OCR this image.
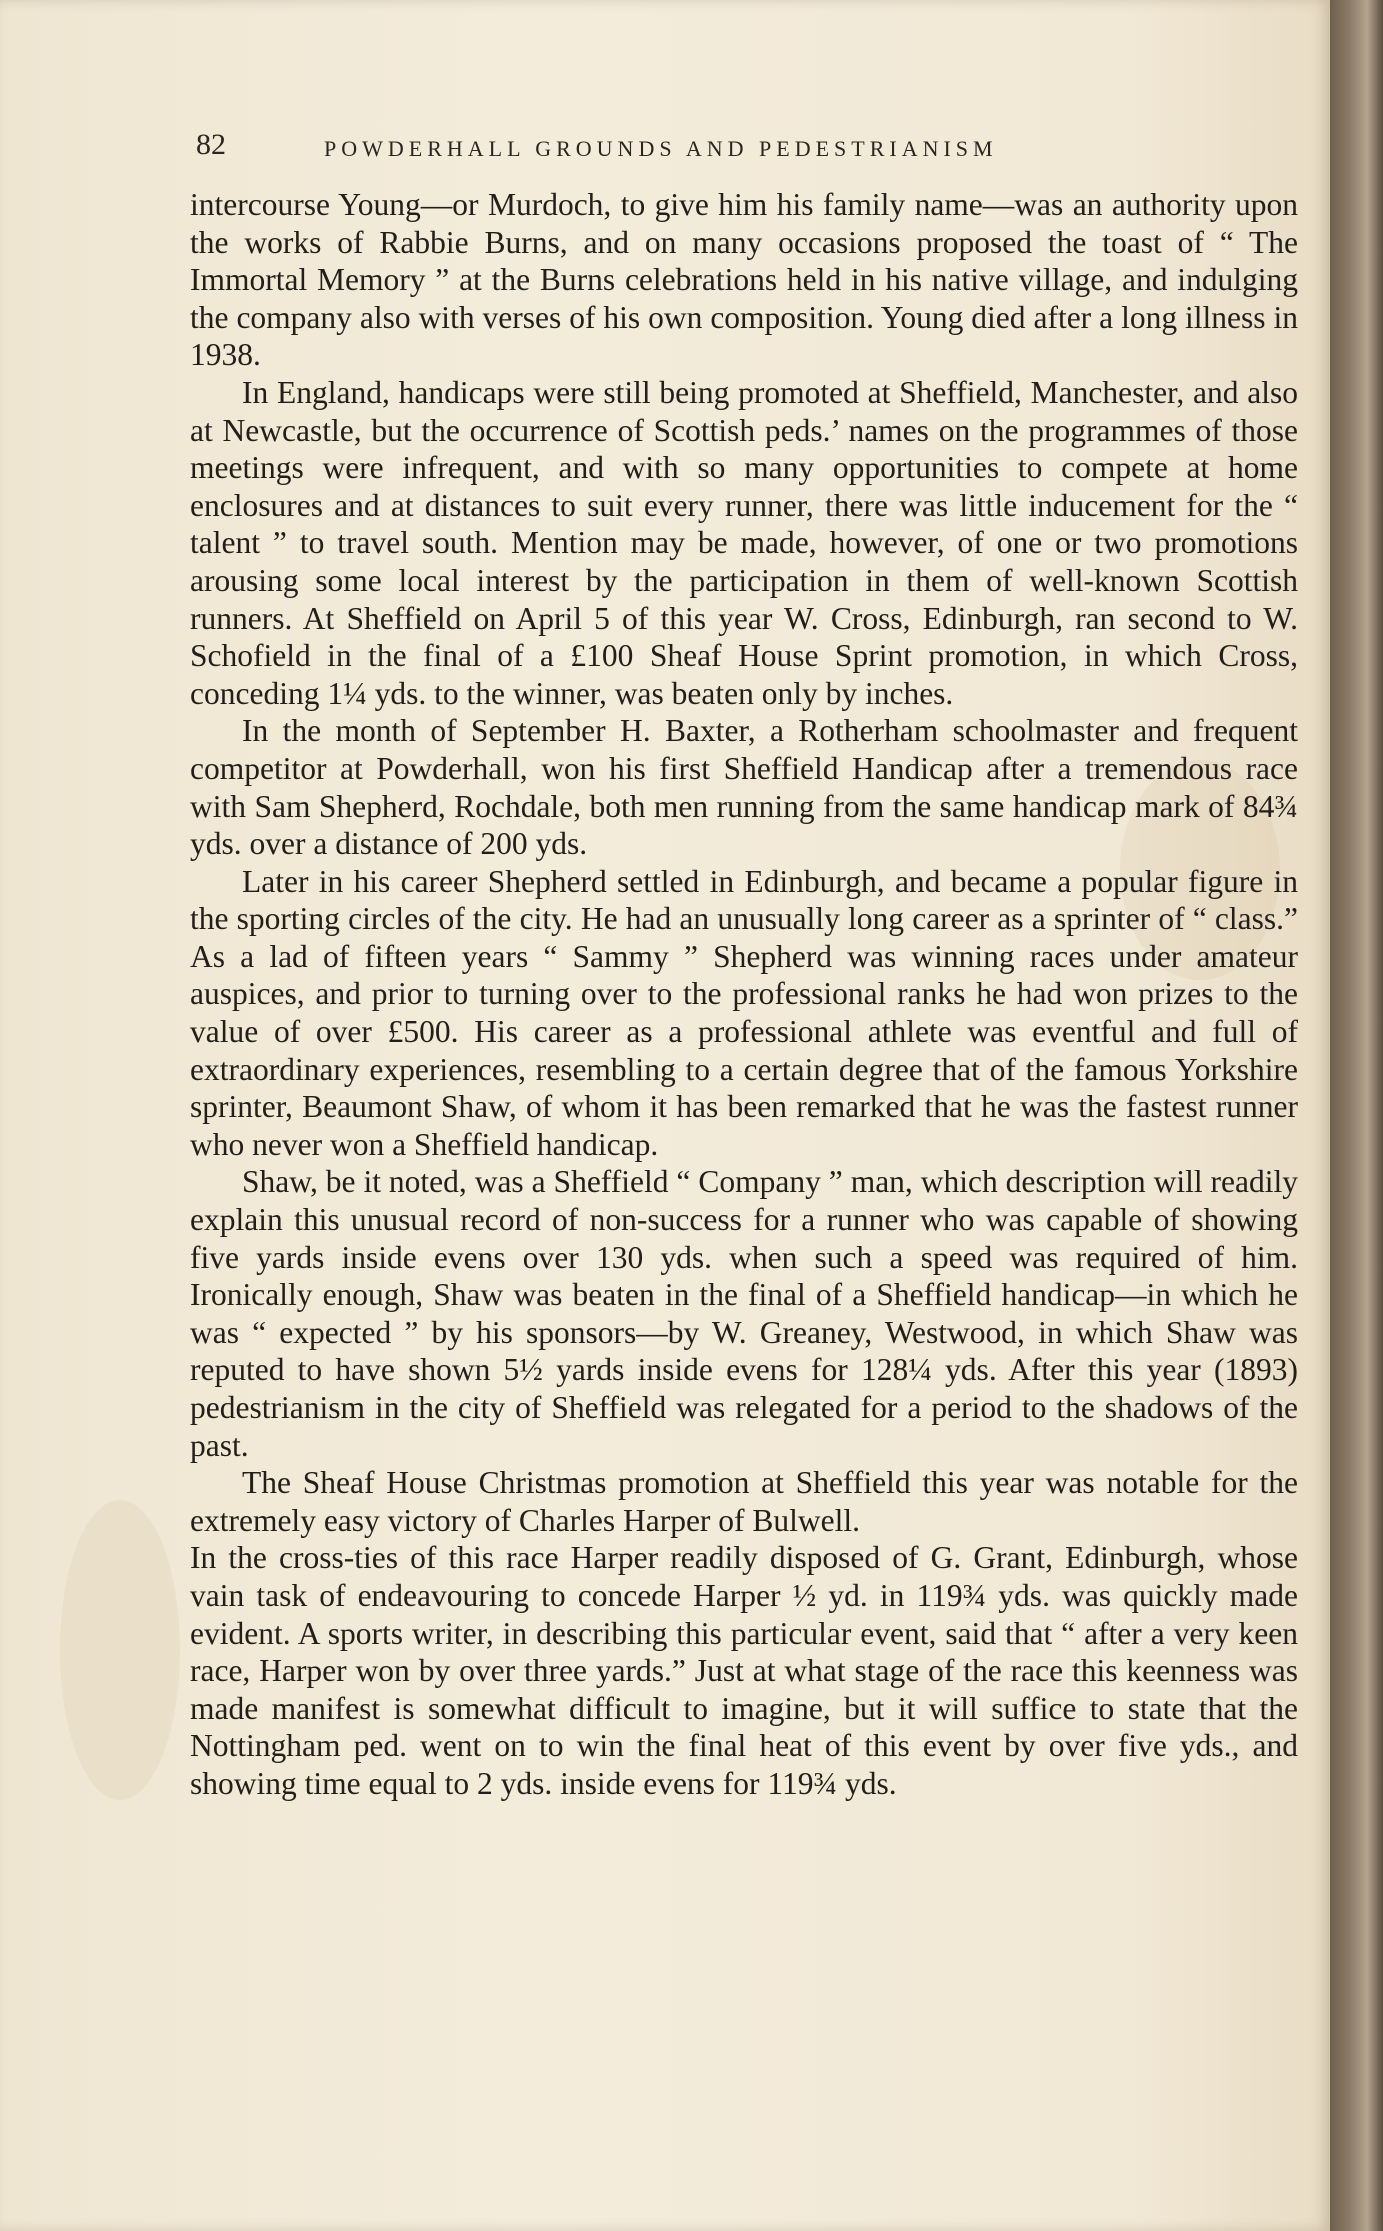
82	POWDERHALL GROUNDS AND PEDESTRIANISM

intercourse Young—or Murdoch, to give him his family name—was an authority upon the works of Rabbie Burns, and on many occasions proposed the toast of “ The Immortal Memory ” at the Burns celebrations held in his native village, and indulging the company also with verses of his own composition. Young died after a long illness in 1938.

In England, handicaps were still being promoted at Sheffield, Manchester, and also at Newcastle, but the occurrence of Scottish peds.’ names on the programmes of those meetings were infrequent, and with so many opportunities to compete at home enclosures and at distances to suit every runner, there was little inducement for the “ talent ” to travel south. Mention may be made, however, of one or two promotions arousing some local interest by the participation in them of well-known Scottish runners. At Sheffield on April 5 of this year W. Cross, Edinburgh, ran second to W. Schofield in the final of a £100 Sheaf House Sprint promotion, in which Cross, conceding 1¼ yds. to the winner, was beaten only by inches.

In the month of September H. Baxter, a Rotherham schoolmaster and frequent competitor at Powderhall, won his first Sheffield Handicap after a tremendous race with Sam Shepherd, Rochdale, both men running from the same handicap mark of 84¾ yds. over a distance of 200 yds.

Later in his career Shepherd settled in Edinburgh, and became a popular figure in the sporting circles of the city. He had an unusually long career as a sprinter of “ class.” As a lad of fifteen years “ Sammy ” Shepherd was winning races under amateur auspices, and prior to turning over to the professional ranks he had won prizes to the value of over £500. His career as a professional athlete was eventful and full of extraordinary experiences, resembling to a certain degree that of the famous Yorkshire sprinter, Beaumont Shaw, of whom it has been remarked that he was the fastest runner who never won a Sheffield handicap.

Shaw, be it noted, was a Sheffield “ Company ” man, which description will readily explain this unusual record of non-success for a runner who was capable of showing five yards inside evens over 130 yds. when such a speed was required of him. Ironically enough, Shaw was beaten in the final of a Sheffield handicap—in which he was “ expected ” by his sponsors—by W. Greaney, Westwood, in which Shaw was reputed to have shown 5½ yards inside evens for 128¼ yds. After this year (1893) pedestrianism in the city of Sheffield was relegated for a period to the shadows of the past.

The Sheaf House Christmas promotion at Sheffield this year was notable for the extremely easy victory of Charles Harper of Bulwell.

In the cross-ties of this race Harper readily disposed of G. Grant, Edinburgh, whose vain task of endeavouring to concede Harper ½ yd. in 119¾ yds. was quickly made evident. A sports writer, in describing this particular event, said that “ after a very keen race, Harper won by over three yards.” Just at what stage of the race this keenness was made manifest is somewhat difficult to imagine, but it will suffice to state that the Nottingham ped. went on to win the final heat of this event by over five yds., and showing time equal to 2 yds. inside evens for 119¾ yds.
